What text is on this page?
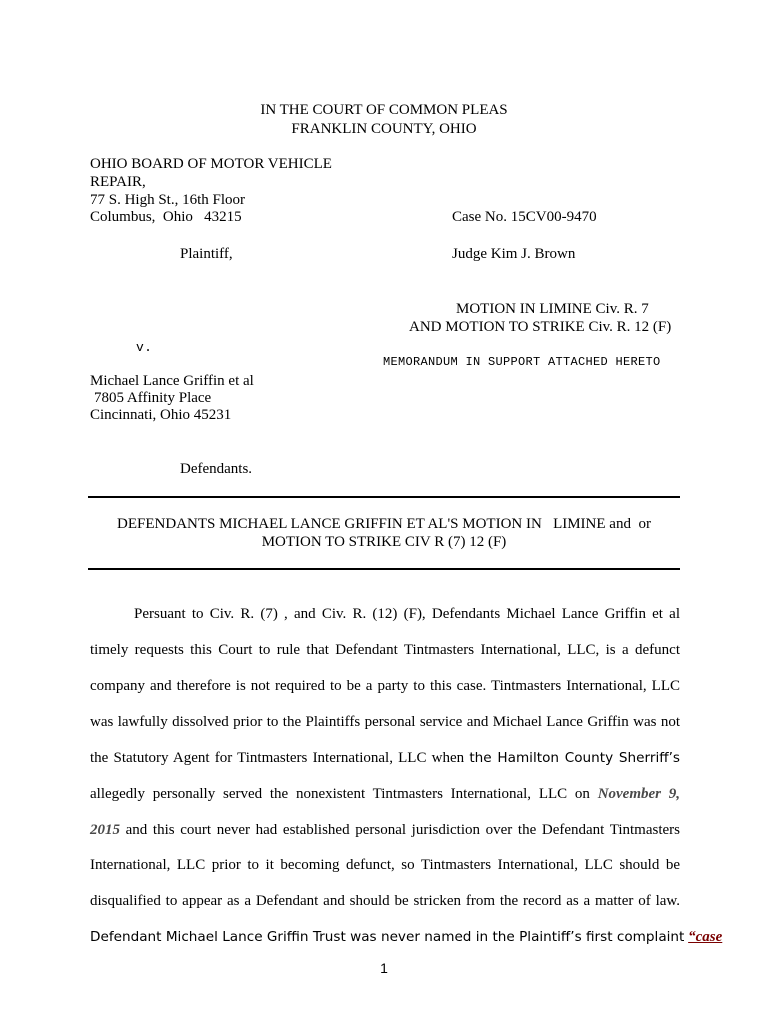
IN THE COURT OF COMMON PLEAS
FRANKLIN COUNTY, OHIO
OHIO BOARD OF MOTOR VEHICLE
REPAIR,
77 S. High St., 16th Floor
Columbus,  Ohio   43215
Plaintiff,
Case No. 15CV00-9470
Judge Kim J. Brown
MOTION IN LIMINE Civ. R. 7
AND MOTION TO STRIKE Civ. R. 12 (F)
MEMORANDUM IN SUPPORT ATTACHED HERETO
v.
Michael Lance Griffin et al
7805 Affinity Place
Cincinnati, Ohio 45231
Defendants.
DEFENDANTS MICHAEL LANCE GRIFFIN ET AL'S MOTION IN   LIMINE and  or
MOTION TO STRIKE CIV R (7) 12 (F)
Persuant to Civ. R. (7) , and Civ. R. (12) (F), Defendants Michael Lance Griffin et al
timely requests this Court to rule that Defendant Tintmasters International, LLC, is a defunct
company and therefore is not required to be a party to this case. Tintmasters International, LLC
was lawfully dissolved prior to the Plaintiffs personal service and Michael Lance Griffin was not
the Statutory Agent for Tintmasters International, LLC when the Hamilton County Sherriff’s
allegedly personally served the nonexistent Tintmasters International, LLC on November 9,
2015 and this court never had established personal jurisdiction over the Defendant Tintmasters
International, LLC prior to it becoming defunct, so Tintmasters International, LLC should be
disqualified to appear as a Defendant and should be stricken from the record as a matter of law.
Defendant Michael Lance Griffin Trust was never named in the Plaintiff’s first complaint “case
1
